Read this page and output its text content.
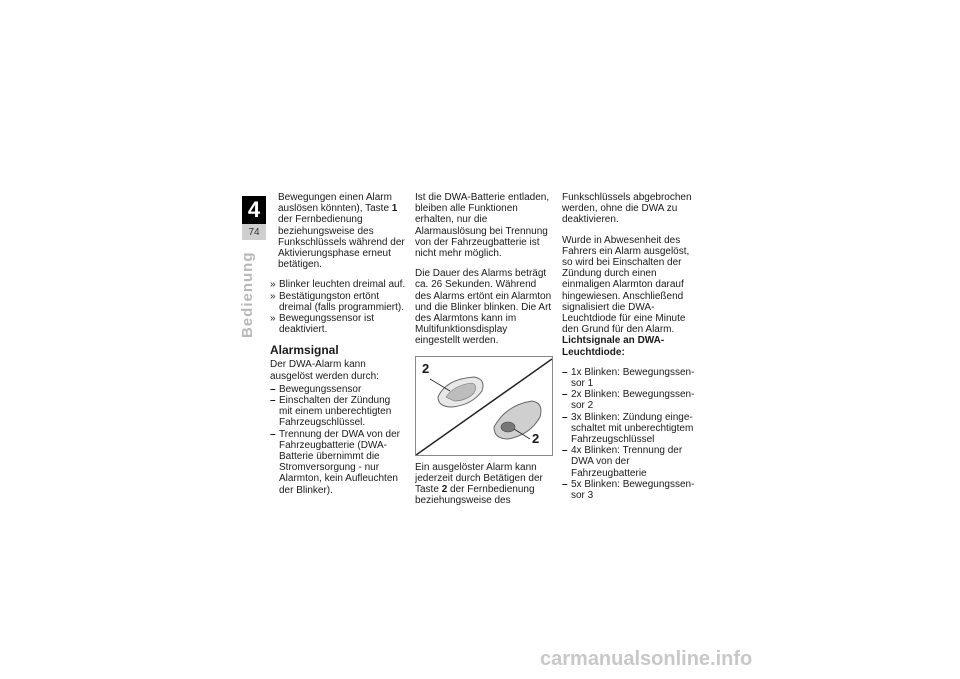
4
74
Bedienung

Bewegungen einen Alarm auslösen könnten), Taste 1 der Fernbedienung beziehungsweise des Funkschlüssels während der Aktivierungsphase erneut betätigen.

» Blinker leuchten dreimal auf.
» Bestätigungston ertönt dreimal (falls programmiert).
» Bewegungssensor ist deaktiviert.
Alarmsignal

Der DWA-Alarm kann ausgelöst werden durch:

– Bewegungssensor
– Einschalten der Zündung mit einem unberechtigten Fahrzeugschlüssel.
– Trennung der DWA von der Fahrzeugbatterie (DWA-Batterie übernimmt die Stromversorgung - nur Alarmton, kein Aufleuchten der Blinker).

Ist die DWA-Batterie entladen, bleiben alle Funktionen erhalten, nur die Alarmauslösung bei Trennung von der Fahrzeugbatterie ist nicht mehr möglich.

Die Dauer des Alarms beträgt ca. 26 Sekunden. Während des Alarms ertönt ein Alarmton und die Blinker blinken. Die Art des Alarmtons kann im Multifunktionsdisplay eingestellt werden.

2
2

Ein ausgelöster Alarm kann jederzeit durch Betätigen der Taste 2 der Fernbedienung beziehungsweise des

Funkschlüssels abgebrochen werden, ohne die DWA zu deaktivieren.

Wurde in Abwesenheit des Fahrers ein Alarm ausgelöst, so wird bei Einschalten der Zündung durch einen einmaligen Alarmton darauf hingewiesen. Anschließend signalisiert die DWA-Leuchtdiode für eine Minute den Grund für den Alarm.

Lichtsignale an DWA-Leuchtdiode:

– 1x Blinken: Bewegungssensor 1
– 2x Blinken: Bewegungssensor 2
– 3x Blinken: Zündung eingeschaltet mit unberechtigtem Fahrzeugschlüssel
– 4x Blinken: Trennung der DWA von der Fahrzeugbatterie
– 5x Blinken: Bewegungssensor 3
carmanualsonline.info
